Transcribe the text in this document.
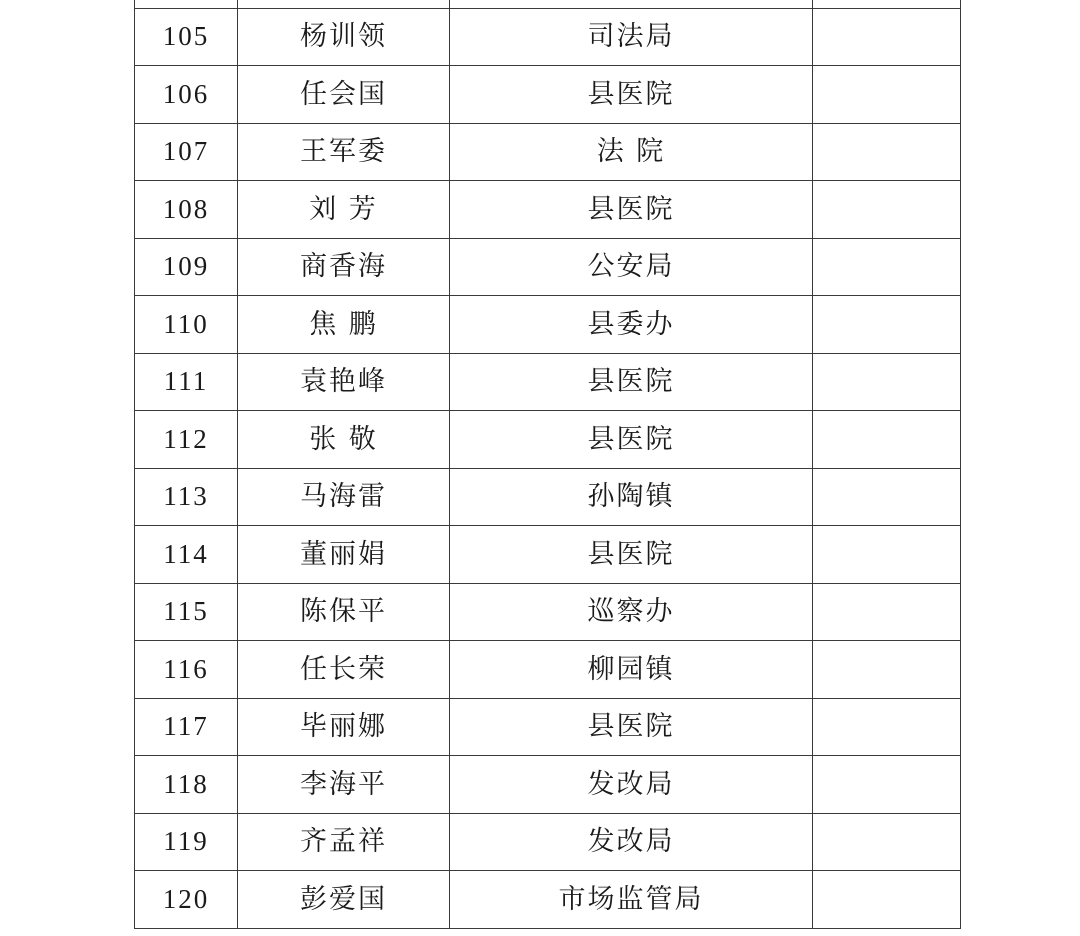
105	杨训领	司法局	
106	任会国	县医院	
107	王军委	法 院	
108	刘 芳	县医院	
109	商香海	公安局	
110	焦 鹏	县委办	
111	袁艳峰	县医院	
112	张 敬	县医院	
113	马海雷	孙陶镇	
114	董丽娟	县医院	
115	陈保平	巡察办	
116	任长荣	柳园镇	
117	毕丽娜	县医院	
118	李海平	发改局	
119	齐孟祥	发改局	
120	彭爱国	市场监管局	
